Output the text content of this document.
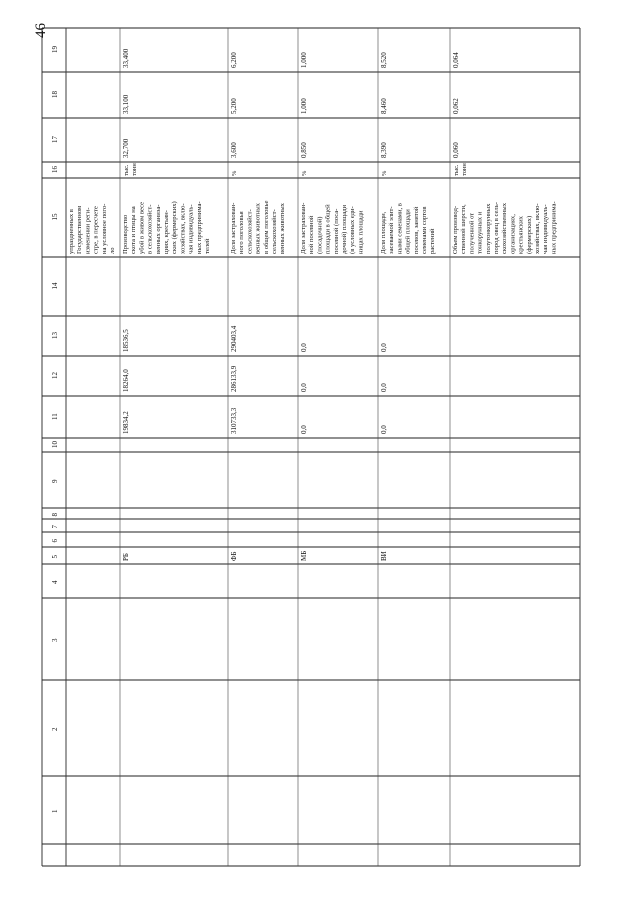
46
1
2
3
4
5
6
7
8
9
10
11
12
13
14
15
16
17
18
19
упраздненных в Государственном изменении реги- стре, в пересчете на условное пого- ло Производство скота и птицы на убой в живом весе в сельскохозяйст- венных организа- циях, крестьян- ских (фермерских) хозяйствах, вклю- чая индивидуаль- ных предпринима- телей
РБ
19834,2
18264,0
18536,5
тыс. тонн
32,700
33,100
33,400
Доля застрахован- ного поголовья сельскохозяйст- венных животных в общем поголовье сельскохозяйст- венных животных
ФБ
310733,3
286133,9
290403,4
%
3,600
5,200
6,200
Доля застрахован- ной посевной (посадочной) площади в общей посевной (поса- дочной) площади (в условных еди- ницах площади
МБ
0,0
0,0
0,0
%
0,850
1,000
1,000
Доля площади, засеваемой элит- ными семенами, в общей площади посевов, занятой семенами сортов растений
ВИ
0,0
0,0
0,0
%
8,390
8,460
8,520
Объем производ- ственной шерсти, полученной от тонкорунных и полутонкорунных пород овец в сель- скохозяйственных организациях, крестьянских (фермерских) хозяйствах, вклю- чая индивидуаль- ных предпринима-
тыс. тонн
0,060
0,062
0,064
